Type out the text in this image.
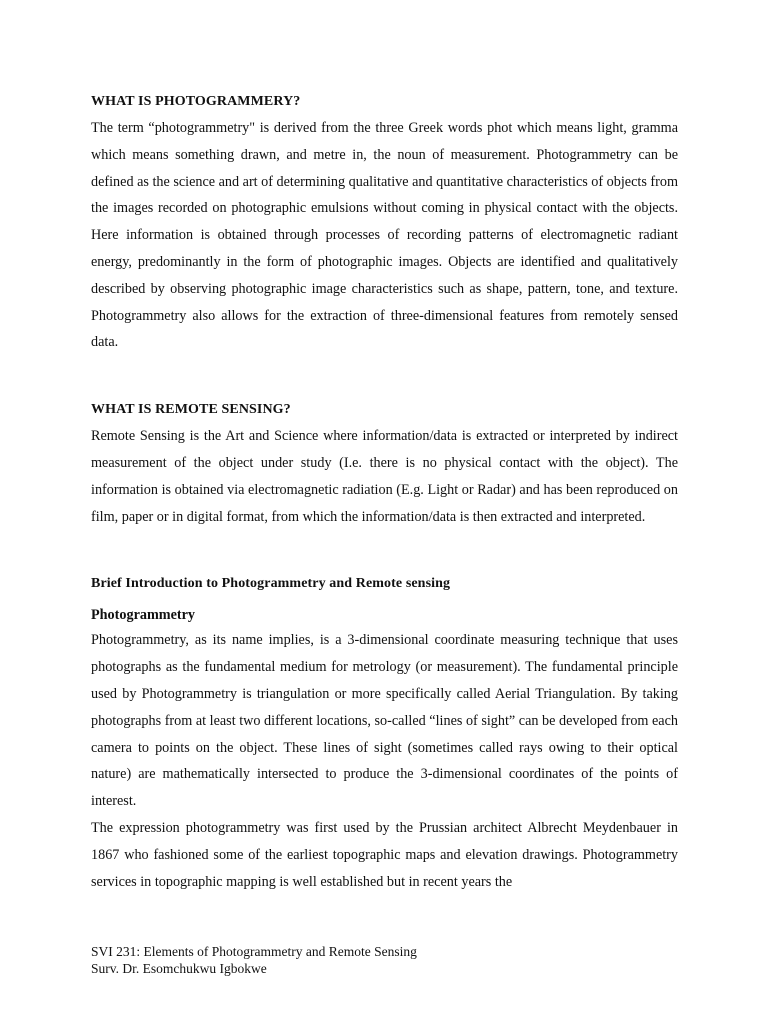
WHAT IS PHOTOGRAMMERY?

The term “photogrammetry" is derived from the three Greek words phot which means light, gramma which means something drawn, and metre in, the noun of measurement. Photogrammetry can be defined as the science and art of determining qualitative and quantitative characteristics of objects from the images recorded on photographic emulsions without coming in physical contact with the objects. Here information is obtained through processes of recording patterns of electromagnetic radiant energy, predominantly in the form of photographic images. Objects are identified and qualitatively described by observing photographic image characteristics such as shape, pattern, tone, and texture. Photogrammetry also allows for the extraction of three-dimensional features from remotely sensed data.

WHAT IS REMOTE SENSING?

Remote Sensing is the Art and Science where information/data is extracted or interpreted by indirect measurement of the object under study (I.e. there is no physical contact with the object). The information is obtained via electromagnetic radiation (E.g. Light or Radar) and has been reproduced on film, paper or in digital format, from which the information/data is then extracted and interpreted.

Brief Introduction to Photogrammetry and Remote sensing
Photogrammetry

Photogrammetry, as its name implies, is a 3-dimensional coordinate measuring technique that uses photographs as the fundamental medium for metrology (or measurement). The fundamental principle used by Photogrammetry is triangulation or more specifically called Aerial Triangulation. By taking photographs from at least two different locations, so-called “lines of sight” can be developed from each camera to points on the object. These lines of sight (sometimes called rays owing to their optical nature) are mathematically intersected to produce the 3-dimensional coordinates of the points of interest.

The expression photogrammetry was first used by the Prussian architect Albrecht Meydenbauer in 1867 who fashioned some of the earliest topographic maps and elevation drawings. Photogrammetry services in topographic mapping is well established but in recent years the

SVI 231: Elements of Photogrammetry and Remote Sensing
Surv. Dr. Esomchukwu Igbokwe
